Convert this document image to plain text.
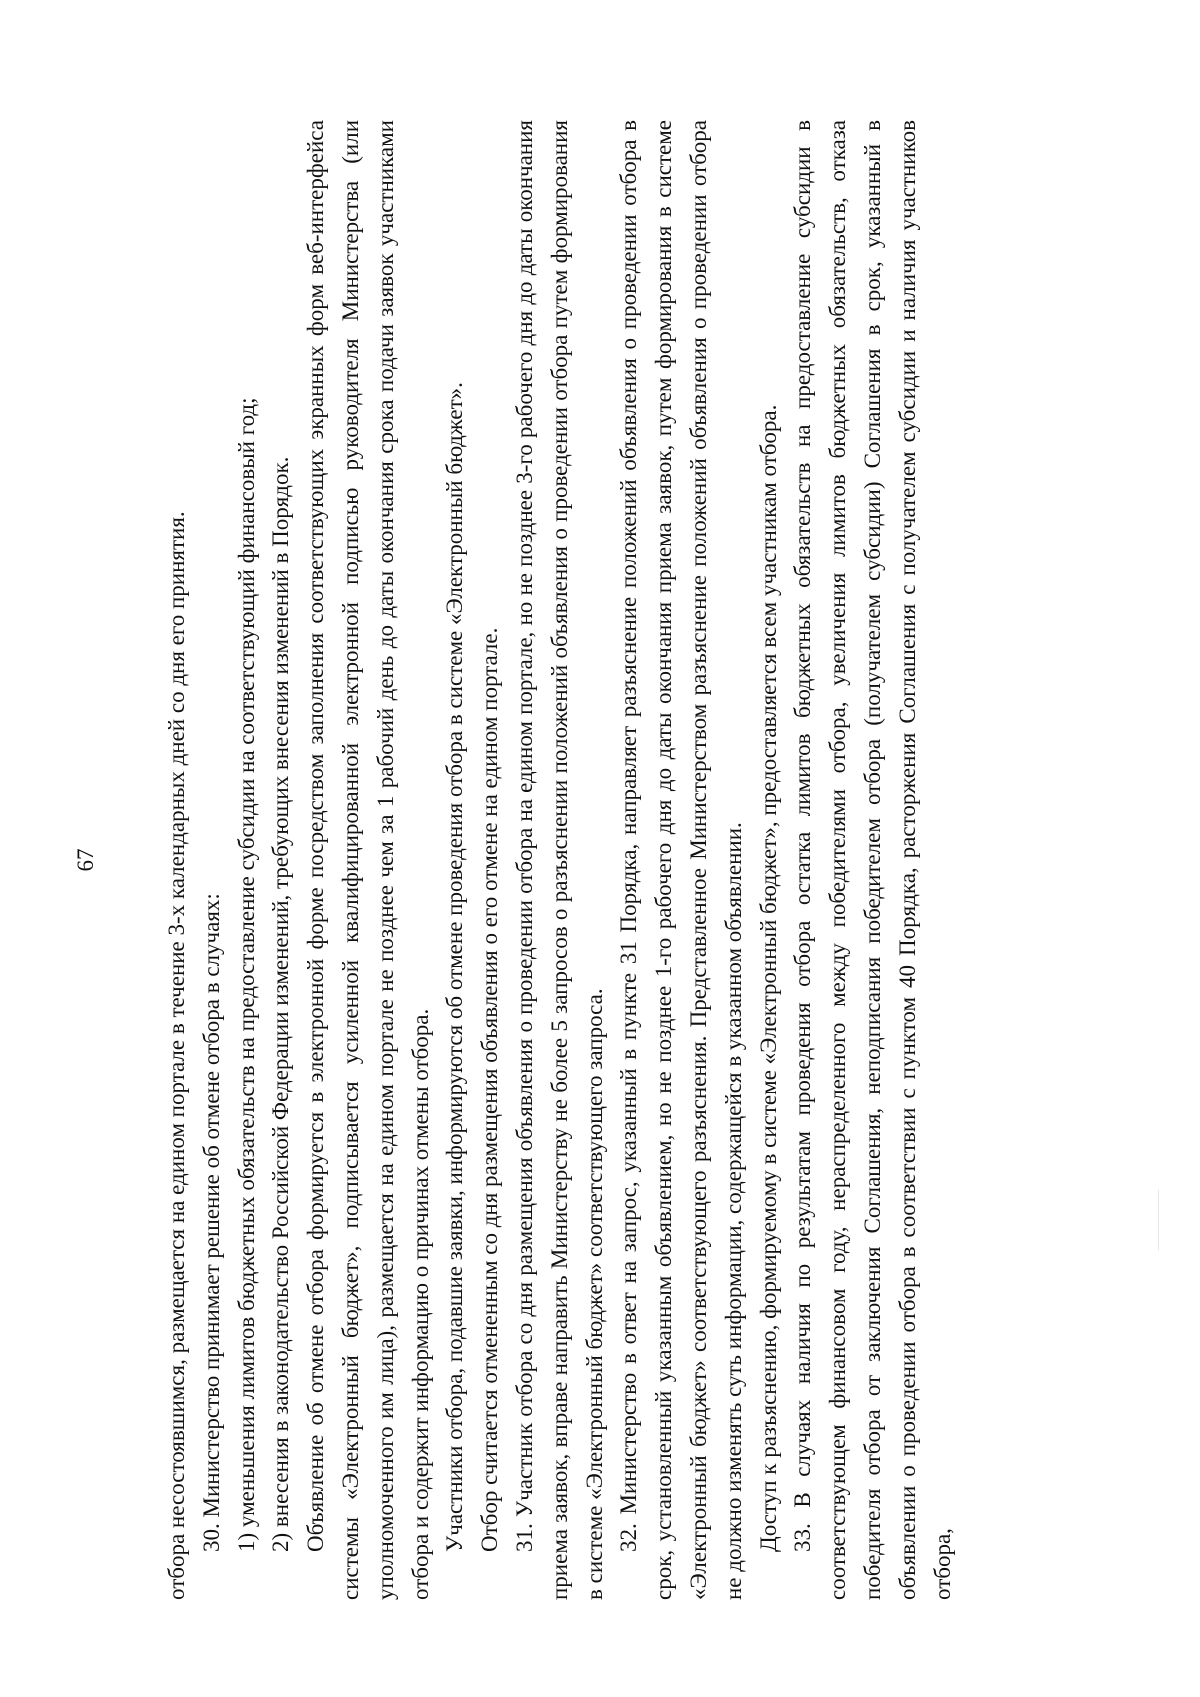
67	отбора несостоявшимся, размещается на едином портале в течение 3-х календарных дней со дня его принятия. 30. Министерство принимает решение об отмене отбора в случаях: 1) уменьшения лимитов бюджетных обязательств на предоставление субсидии на соответствующий финансовый год; 2) внесения в законодательство Российской Федерации изменений, требующих внесения изменений в Порядок. Объявление об отмене отбора формируется в электронной форме посредством заполнения соответствующих экранных форм веб-интерфейса системы «Электронный бюджет», подписывается усиленной квалифицированной электронной подписью руководителя Министерства (или уполномоченного им лица), размещается на едином портале не позднее чем за 1 рабочий день до даты окончания срока подачи заявок участниками отбора и содержит информацию о причинах отмены отбора. Участники отбора, подавшие заявки, информируются об отмене проведения отбора в системе «Электронный бюджет». Отбор считается отмененным со дня размещения объявления о его отмене на едином портале. 31. Участник отбора со дня размещения объявления о проведении отбора на едином портале, но не позднее 3-го рабочего дня до даты окончания приема заявок, вправе направить Министерству не более 5 запросов о разъяснении положений объявления о проведении отбора путем формирования в системе «Электронный бюджет» соответствующего запроса. 32. Министерство в ответ на запрос, указанный в пункте 31 Порядка, направляет разъяснение положений объявления о проведении отбора в срок, установленный указанным объявлением, но не позднее 1-го рабочего дня до даты окончания приема заявок, путем формирования в системе «Электронный бюджет» соответствующего разъяснения. Представленное Министерством разъяснение положений объявления о проведении отбора не должно изменять суть информации, содержащейся в указанном объявлении. Доступ к разъяснению, формируемому в системе «Электронный бюджет», предоставляется всем участникам отбора. 33. В случаях наличия по результатам проведения отбора остатка лимитов бюджетных обязательств на предоставление субсидии в соответствующем финансовом году, нераспределенного между победителями отбора, увеличения лимитов бюджетных обязательств, отказа победителя отбора от заключения Соглашения, неподписания победителем отбора (получателем субсидии) Соглашения в срок, указанный в объявлении о проведении отбора в соответствии с пунктом 40 Порядка, расторжения Соглашения с получателем субсидии и наличия участников отбора,
